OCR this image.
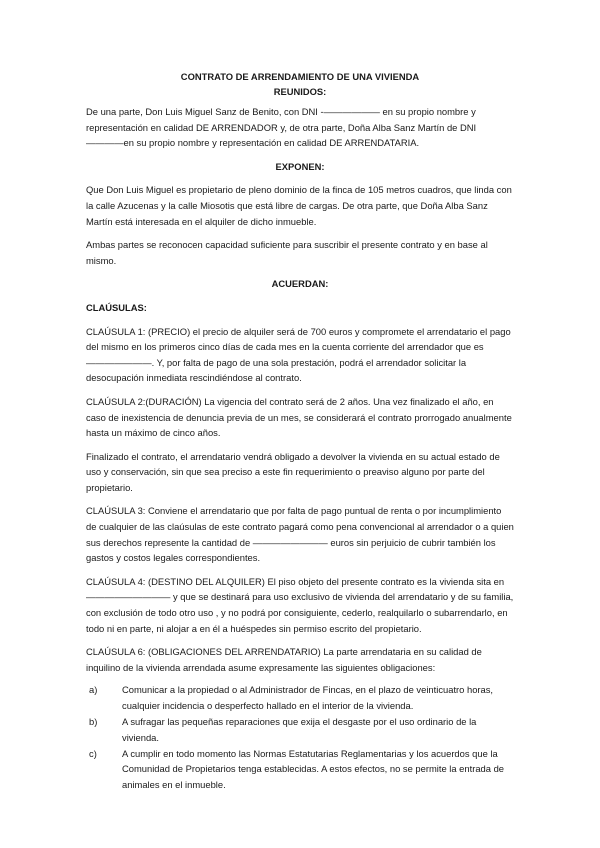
CONTRATO DE ARRENDAMIENTO DE UNA VIVIENDA
REUNIDOS:

De una parte, Don Luis Miguel Sanz de Benito, con DNI -—————— en su propio nombre y representación en calidad DE ARRENDADOR y, de otra parte, Doña Alba Sanz Martín de DNI ————en su propio nombre y representación en calidad DE ARRENDATARIA.

EXPONEN:

Que Don Luis Miguel es propietario de pleno dominio de la finca de 105 metros cuadros, que linda con la calle Azucenas y la calle Miosotis que está libre de cargas. De otra parte, que Doña Alba Sanz Martín está interesada en el alquiler de dicho inmueble.

Ambas partes se reconocen capacidad suficiente para suscribir el presente contrato y en base al mismo.

ACUERDAN:
CLAÚSULAS:

CLAÚSULA 1: (PRECIO) el precio de alquiler será de 700 euros y compromete el arrendatario el pago del mismo en los primeros cinco días de cada mes en la cuenta corriente del arrendador que es ———————. Y, por falta de pago de una sola prestación, podrá el arrendador solicitar la desocupación inmediata rescindiéndose al contrato.

CLAÚSULA 2:(DURACIÓN) La vigencia del contrato será de 2 años. Una vez finalizado el año, en caso de inexistencia de denuncia previa de un mes, se considerará el contrato prorrogado anualmente hasta un máximo de cinco años.

Finalizado el contrato, el arrendatario vendrá obligado a devolver la vivienda en su actual estado de uso y conservación, sin que sea preciso a este fin requerimiento o preaviso alguno por parte del propietario.

CLAÚSULA 3: Conviene el arrendatario que por falta de pago puntual de renta o por incumplimiento de cualquier de las claúsulas de este contrato pagará como pena convencional al arrendador o a quien sus derechos represente la cantidad de ———————— euros sin perjuicio de cubrir también los gastos y costos legales correspondientes.

CLAÚSULA 4: (DESTINO DEL ALQUILER) El piso objeto del presente contrato es la vivienda sita en ————————— y que se destinará para uso exclusivo de vivienda del arrendatario y de su familia, con exclusión de todo otro uso , y no podrá por consiguiente, cederlo, realquilarlo o subarrendarlo, en todo ni en parte, ni alojar a en él a huéspedes sin permiso escrito del propietario.

CLAÚSULA 6: (OBLIGACIONES DEL ARRENDATARIO) La parte arrendataria en su calidad de inquilino de la vivienda arrendada asume expresamente las siguientes obligaciones:

a)	Comunicar a la propiedad o al Administrador de Fincas, en el plazo de veinticuatro horas, cualquier incidencia o desperfecto hallado en el interior de la vivienda.
b)	A sufragar las pequeñas reparaciones que exija el desgaste por el uso ordinario de la vivienda.
c)	A cumplir en todo momento las Normas Estatutarias Reglamentarias y los acuerdos que la Comunidad de Propietarios tenga establecidas. A estos efectos, no se permite la entrada de animales en el inmueble.
